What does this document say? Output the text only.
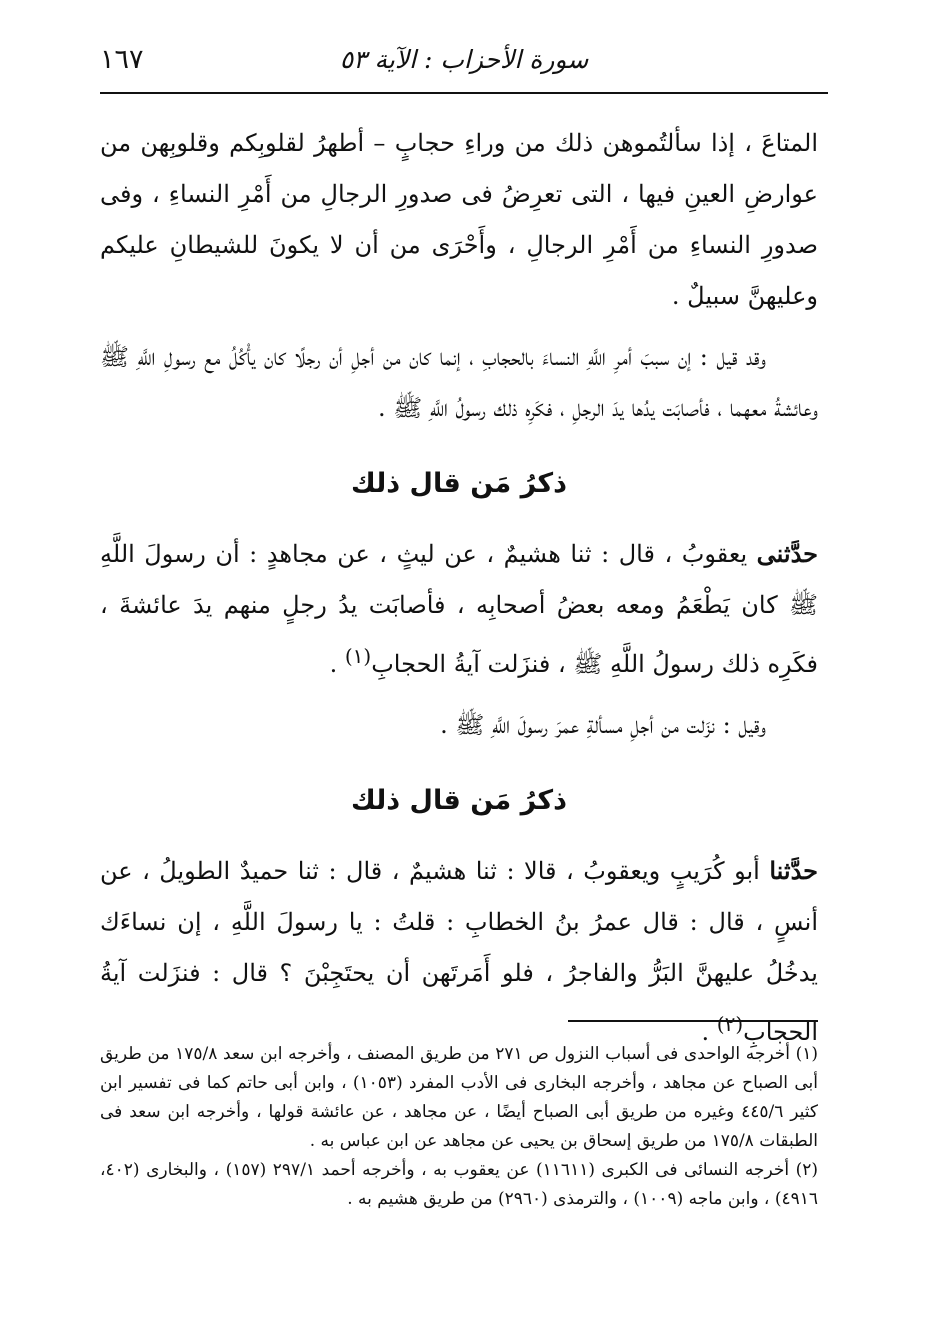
١٦٧	سورة الأحزاب : الآية ٥٣

المتاعَ ، إذا سألتُموهن ذلك من وراءِ حجابٍ – أطهرُ لقلوبِكم وقلوبِهن من عوارضِ العينِ فيها ، التى تعرِضُ فى صدورِ الرجالِ من أَمْرِ النساءِ ، وفى صدورِ النساءِ من أَمْرِ الرجالِ ، وأَحْرَى من أن لا يكونَ للشيطانِ عليكم وعليهنَّ سبيلٌ .

وقد قيل : إن سببَ أمرِ اللَّهِ النساءَ بالحجابِ ، إنما كان من أجلِ أن رجلًا كان يأْكُلُ مع رسولِ اللَّهِ ﷺ وعائشةُ معهما ، فأصابَت يدُها يدَ الرجلِ ، فكَرِه ذلك رسولُ اللَّهِ ﷺ .

ذكرُ مَن قال ذلك

حدَّثنى يعقوبُ ، قال : ثنا هشيمٌ ، عن ليثٍ ، عن مجاهدٍ : أن رسولَ اللَّهِ ﷺ كان يَطْعَمُ ومعه بعضُ أصحابِه ، فأصابَت يدُ رجلٍ منهم يدَ عائشةَ ، فكَرِه ذلك رسولُ اللَّهِ ﷺ ، فنزَلت آيةُ الحجابِ$^{(١)}$ .

وقيل : نزَلت من أجلِ مسألةِ عمرَ رسولَ اللَّهِ ﷺ .

ذكرُ مَن قال ذلك

حدَّثنا أبو كُرَيبٍ ويعقوبُ ، قالا : ثنا هشيمٌ ، قال : ثنا حميدٌ الطويلُ ، عن أنسٍ ، قال : قال عمرُ بنُ الخطابِ : قلتُ : يا رسولَ اللَّهِ ، إن نساءَك يدخُلُ عليهنَّ البَرُّ والفاجرُ ، فلو أَمَرتَهن أن يحتَجِبْنَ ؟ قال : فنزَلت آيةُ الحجابِ$^{(٢)}$ .

(١) أخرجه الواحدى فى أسباب النزول ص ٢٧١ من طريق المصنف ، وأخرجه ابن سعد ١٧٥/٨ من طريق أبى الصباح عن مجاهد ، وأخرجه البخارى فى الأدب المفرد (١٠٥٣) ، وابن أبى حاتم كما فى تفسير ابن كثير ٤٤٥/٦ وغيره من طريق أبى الصباح أيضًا ، عن مجاهد ، عن عائشة قولها ، وأخرجه ابن سعد فى الطبقات ١٧٥/٨ من طريق إسحاق بن يحيى عن مجاهد عن ابن عباس به .

(٢) أخرجه النسائى فى الكبرى (١١٦١١) عن يعقوب به ، وأخرجه أحمد ٢٩٧/١ (١٥٧) ، والبخارى (٤٠٢، ٤٩١٦) ، وابن ماجه (١٠٠٩) ، والترمذى (٢٩٦٠) من طريق هشيم به .
